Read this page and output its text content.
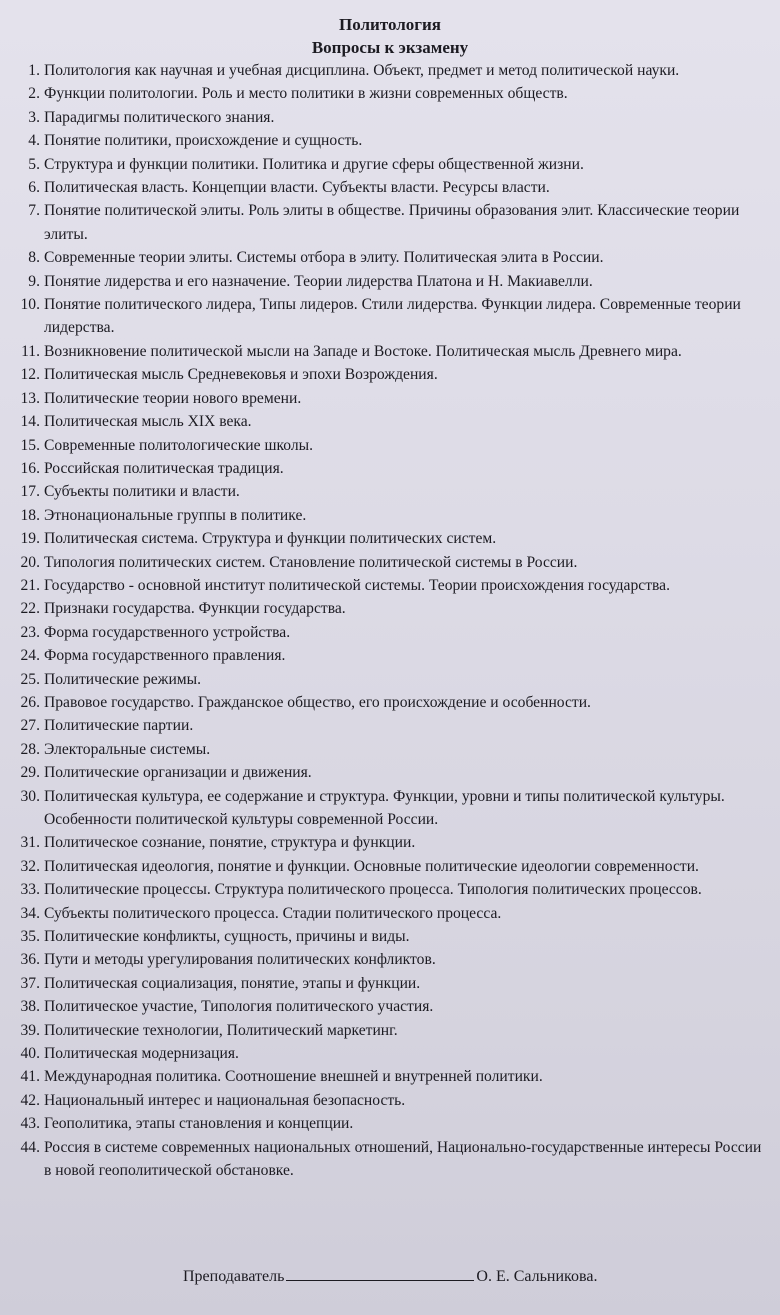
Политология
Вопросы к экзамену
1. Политология как научная и учебная дисциплина. Объект, предмет и метод политической науки.
2. Функции политологии. Роль и место политики в жизни современных обществ.
3. Парадигмы политического знания.
4. Понятие политики, происхождение и сущность.
5. Структура и функции политики. Политика и другие сферы общественной жизни.
6. Политическая власть. Концепции власти. Субъекты власти. Ресурсы власти.
7. Понятие политической элиты. Роль элиты в обществе. Причины образования элит. Классические теории элиты.
8. Современные теории элиты. Системы отбора в элиту. Политическая элита в России.
9. Понятие лидерства и его назначение. Теории лидерства Платона и Н. Макиавелли.
10. Понятие политического лидера, Типы лидеров. Стили лидерства. Функции лидера. Современные теории лидерства.
11. Возникновение политической мысли на Западе и Востоке. Политическая мысль Древнего мира.
12. Политическая мысль Средневековья и эпохи Возрождения.
13. Политические теории нового времени.
14. Политическая мысль XIX века.
15. Современные политологические школы.
16. Российская политическая традиция.
17. Субъекты политики и власти.
18. Этнонациональные группы в политике.
19. Политическая система. Структура и функции политических систем.
20. Типология политических систем. Становление политической системы в России.
21. Государство - основной институт политической системы. Теории происхождения государства.
22. Признаки государства. Функции государства.
23. Форма государственного устройства.
24. Форма государственного правления.
25. Политические режимы.
26. Правовое государство. Гражданское общество, его происхождение и особенности.
27. Политические партии.
28. Электоральные системы.
29. Политические организации и движения.
30. Политическая культура, ее содержание и структура. Функции, уровни и типы политической культуры. Особенности политической культуры современной России.
31. Политическое сознание, понятие, структура и функции.
32. Политическая идеология, понятие и функции. Основные политические идеологии современности.
33. Политические процессы. Структура политического процесса. Типология политических процессов.
34. Субъекты политического процесса. Стадии политического процесса.
35. Политические конфликты, сущность, причины и виды.
36. Пути и методы урегулирования политических конфликтов.
37. Политическая социализация, понятие, этапы и функции.
38. Политическое участие, Типология политического участия.
39. Политические технологии, Политический маркетинг.
40. Политическая модернизация.
41. Международная политика. Соотношение внешней и внутренней политики.
42. Национальный интерес и национальная безопасность.
43. Геополитика, этапы становления и концепции.
44. Россия в системе современных национальных отношений, Национально-государственные интересы России в новой геополитической обстановке.
Преподаватель	О. Е. Сальникова.
